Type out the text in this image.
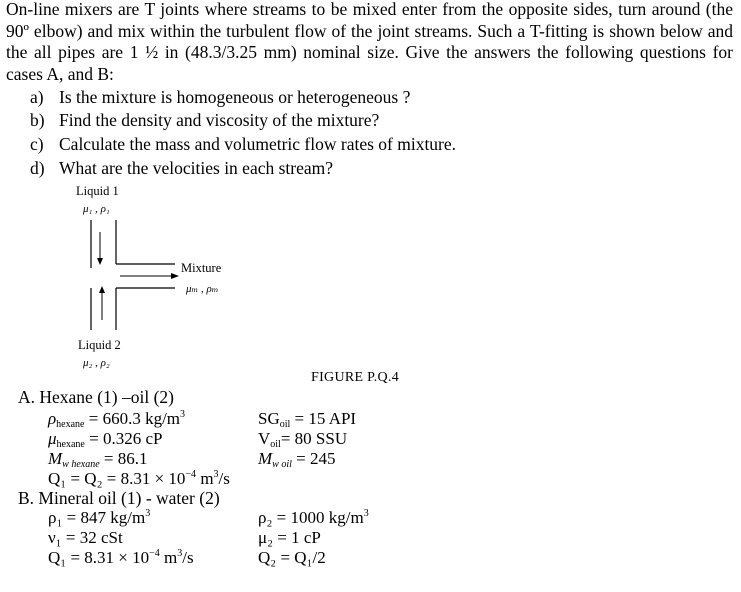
On-line mixers are T joints where streams to be mixed enter from the opposite sides, turn around (the 90º elbow) and mix within the turbulent flow of the joint streams. Such a T-fitting is shown below and the all pipes are 1 ½ in (48.3/3.25 mm) nominal size. Give the answers the following questions for cases A, and B:

a) Is the mixture is homogeneous or heterogeneous ?
b) Find the density and viscosity of the mixture?
c) Calculate the mass and volumetric flow rates of mixture.
d) What are the velocities in each stream?
Liquid 1
μ₁ , ρ₁
Mixture
μₘ , ρₘ
Liquid 2
μ₂ , ρ₂
FIGURE P.Q.4
A. Hexane (1) –oil (2)
$\rho_{hexane} = 660.3$ $kg/m^3$
$\mu_{hexane} = 0.326$ cP
$M_{w hexane} = 86.1$
$Q_1 = Q_2 = 8.31 \times 10^{-4}$ $m^3/s$
$SG_{oil} = 15$ API
$V_{oil}= 80$ SSU
$M_{w oil} = 245$
B. Mineral oil (1) - water (2)
ρ₁ = 847 $kg/m^3$
ν₁ = 32 cSt
$Q_1 = 8.31 \times 10^{-4}$ $m^3/s$
ρ₂ = 1000 $kg/m^3$
μ₂ = 1 cP
Q₂ = Q₁/2
